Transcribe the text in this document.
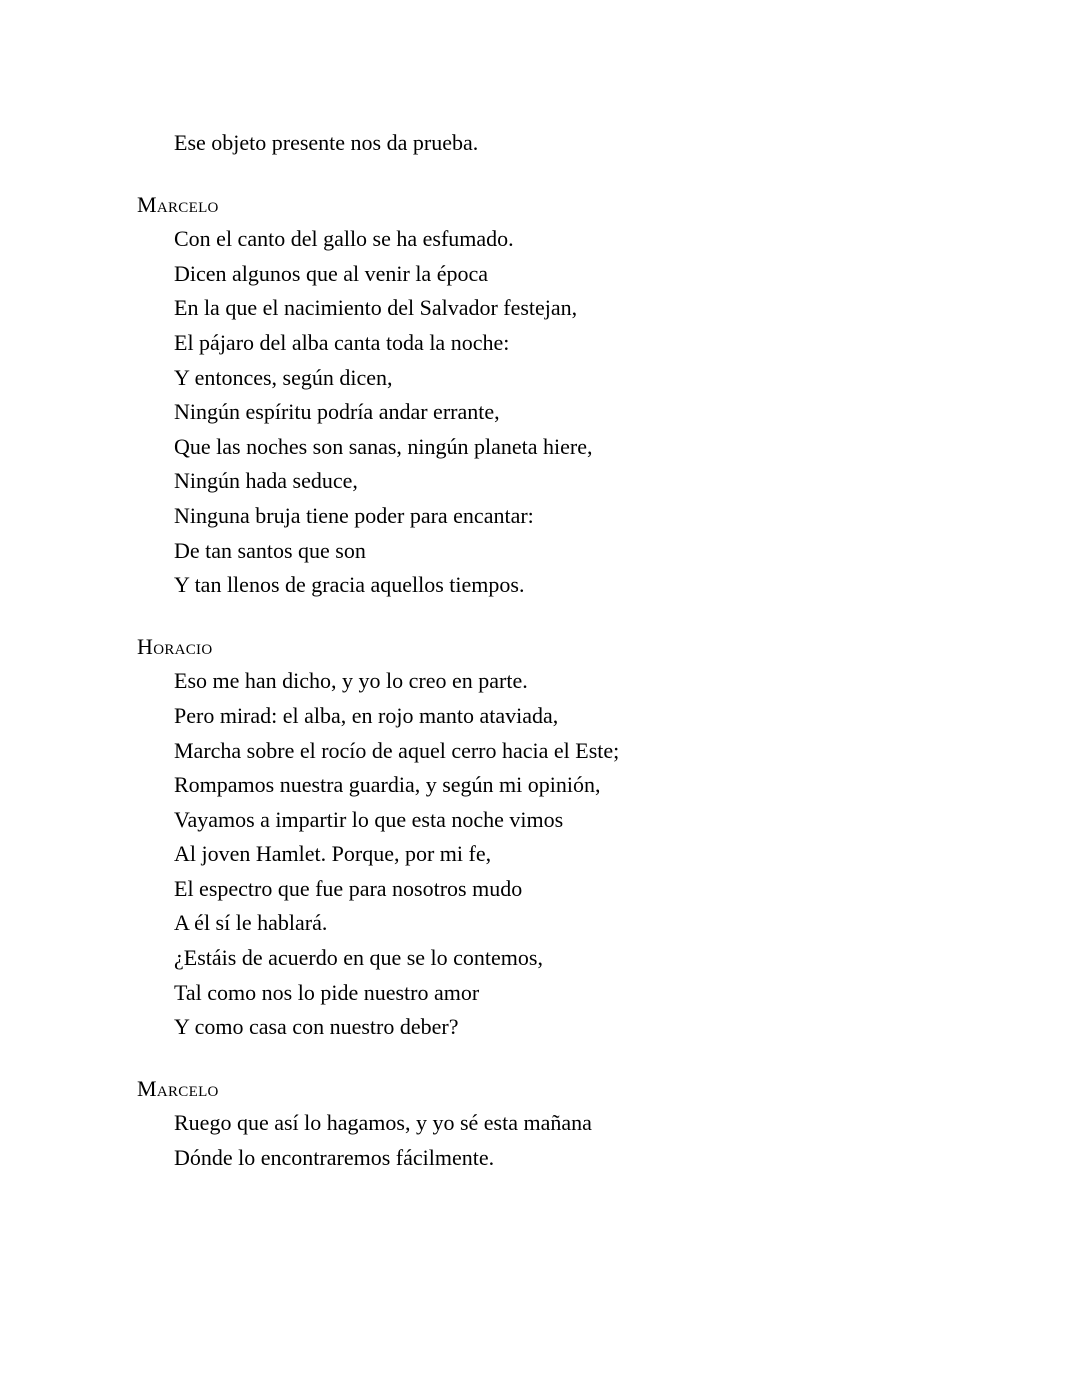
Ese objeto presente nos da prueba.
Marcelo
Con el canto del gallo se ha esfumado.
Dicen algunos que al venir la época
En la que el nacimiento del Salvador festejan,
El pájaro del alba canta toda la noche:
Y entonces, según dicen,
Ningún espíritu podría andar errante,
Que las noches son sanas, ningún planeta hiere,
Ningún hada seduce,
Ninguna bruja tiene poder para encantar:
De tan santos que son
Y tan llenos de gracia aquellos tiempos.
Horacio
Eso me han dicho, y yo lo creo en parte.
Pero mirad: el alba, en rojo manto ataviada,
Marcha sobre el rocío de aquel cerro hacia el Este;
Rompamos nuestra guardia, y según mi opinión,
Vayamos a impartir lo que esta noche vimos
Al joven Hamlet. Porque, por mi fe,
El espectro que fue para nosotros mudo
A él sí le hablará.
¿Estáis de acuerdo en que se lo contemos,
Tal como nos lo pide nuestro amor
Y como casa con nuestro deber?
Marcelo
Ruego que así lo hagamos, y yo sé esta mañana
Dónde lo encontraremos fácilmente.
